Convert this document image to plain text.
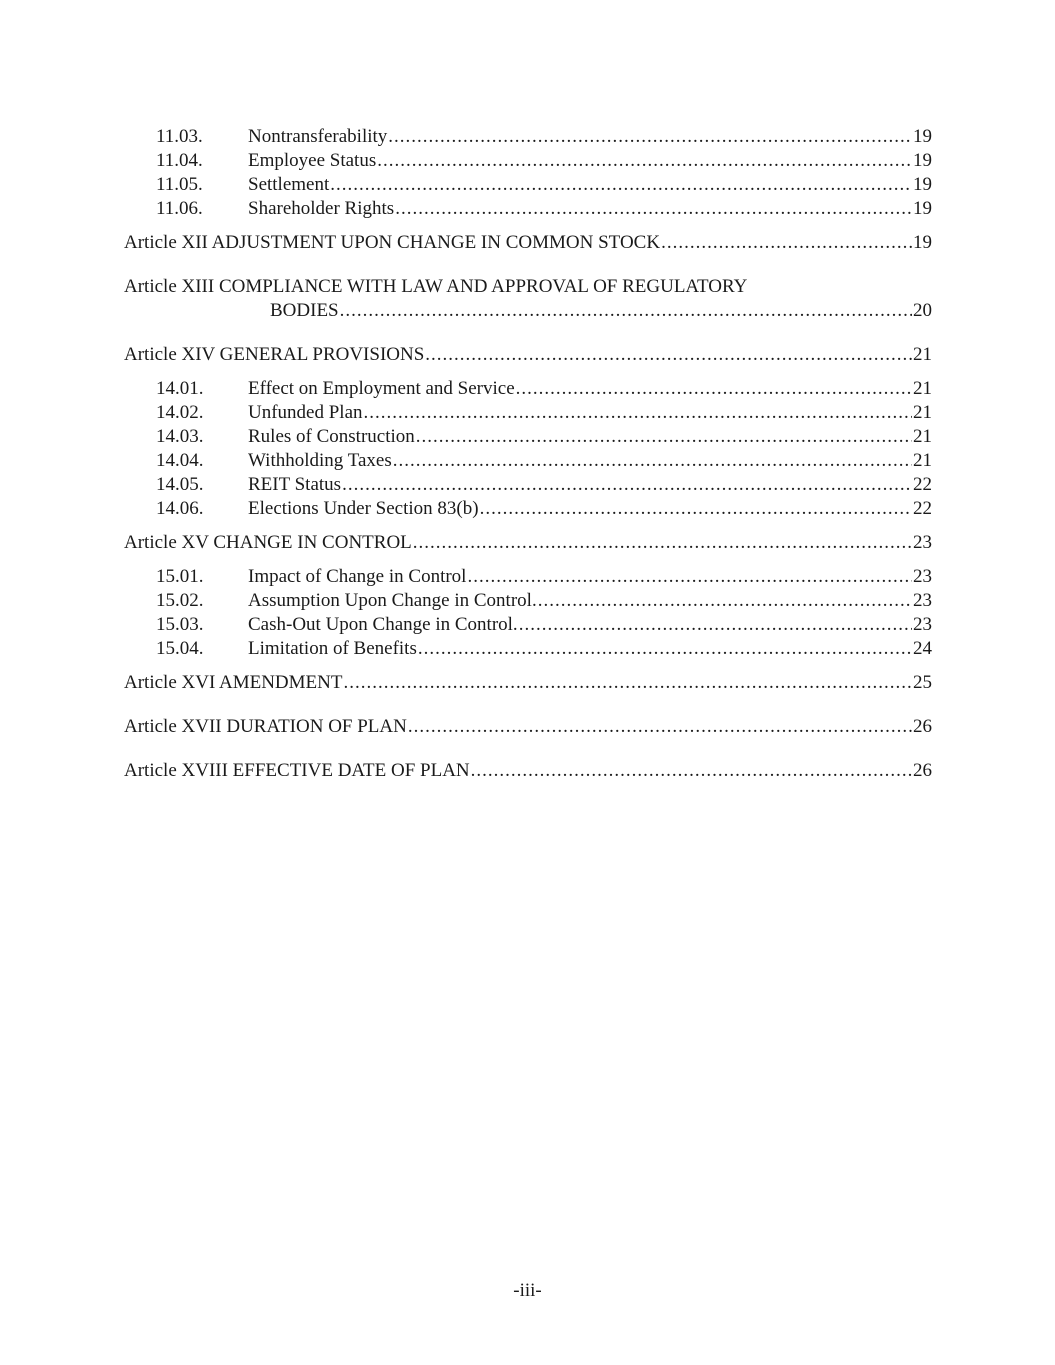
11.03.	Nontransferability .....	19
11.04.	Employee Status .....	19
11.05.	Settlement .....	19
11.06.	Shareholder Rights .....	19
Article XII ADJUSTMENT UPON CHANGE IN COMMON STOCK .....	19
Article XIII COMPLIANCE WITH LAW AND APPROVAL OF REGULATORY
BODIES .....	20
Article XIV GENERAL PROVISIONS .....	21
14.01.	Effect on Employment and Service .....	21
14.02.	Unfunded Plan .....	21
14.03.	Rules of Construction .....	21
14.04.	Withholding Taxes .....	21
14.05.	REIT Status .....	22
14.06.	Elections Under Section 83(b) .....	22
Article XV CHANGE IN CONTROL .....	23
15.01.	Impact of Change in Control .....	23
15.02.	Assumption Upon Change in Control. .....	23
15.03.	Cash-Out Upon Change in Control. .....	23
15.04.	Limitation of Benefits .....	24
Article XVI AMENDMENT .....	25
Article XVII DURATION OF PLAN .....	26
Article XVIII EFFECTIVE DATE OF PLAN .....	26
-iii-
